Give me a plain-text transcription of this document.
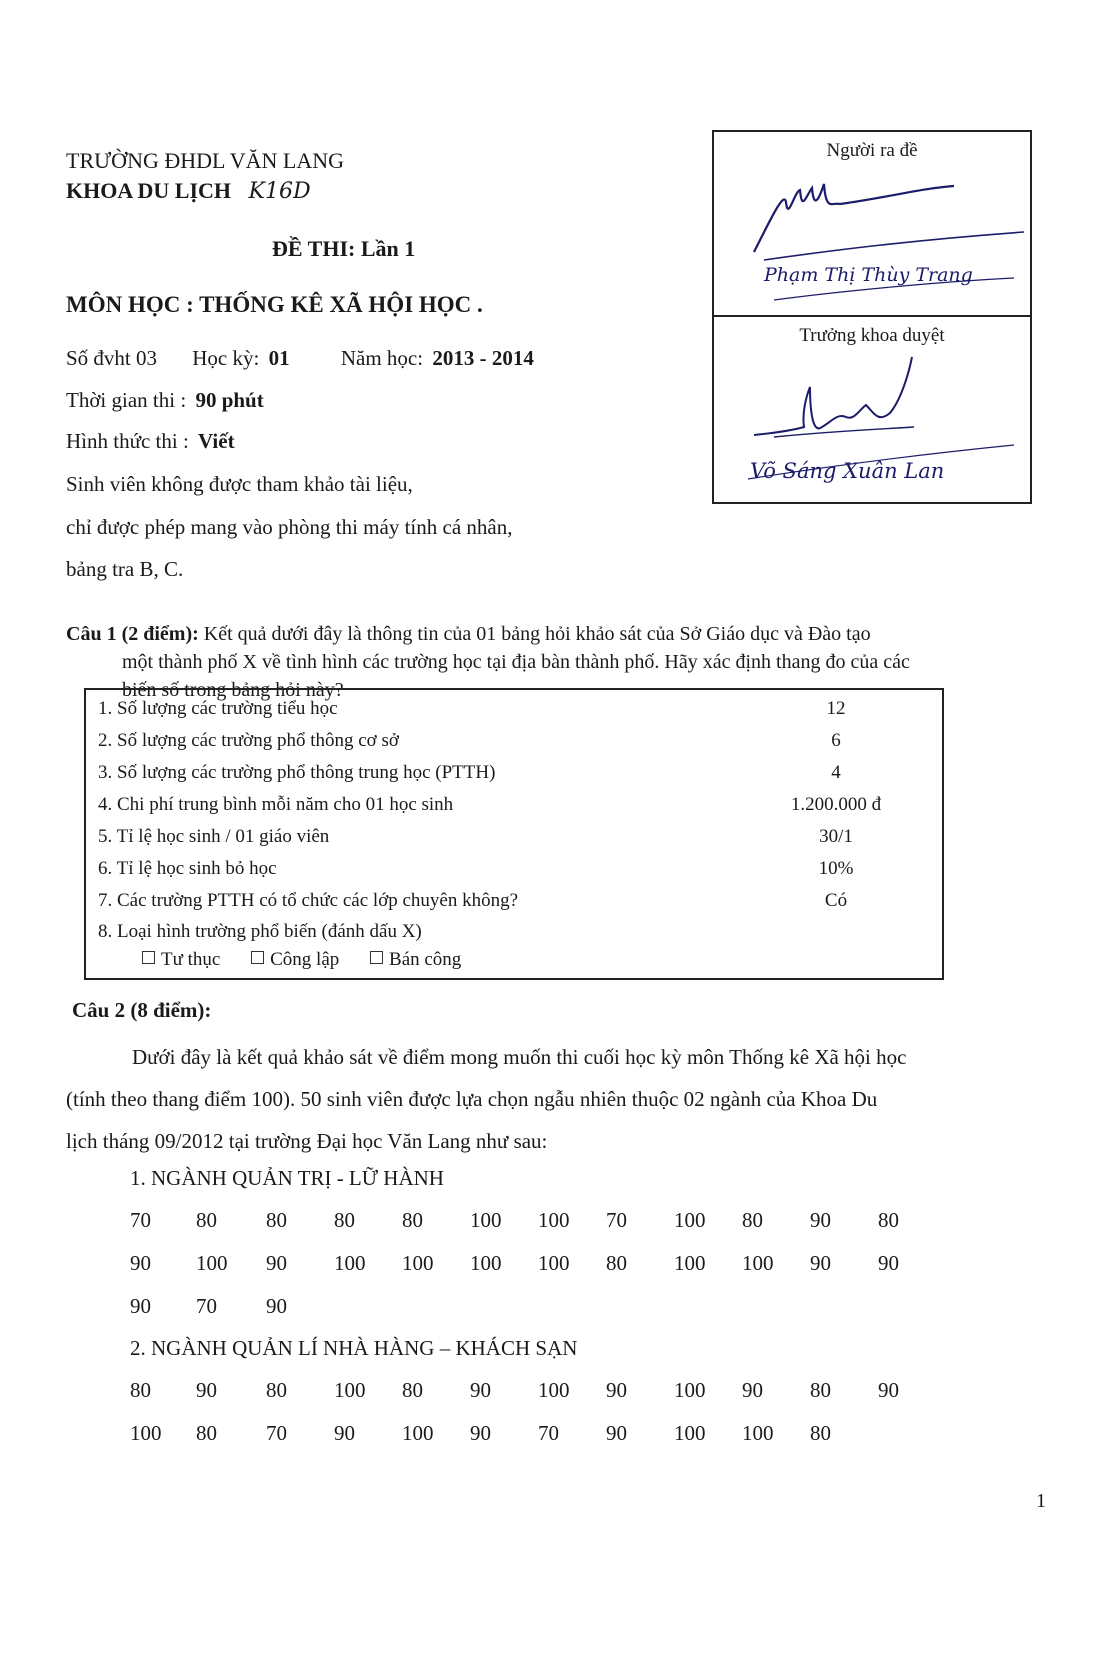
TRƯỜNG ĐHDL VĂN LANG
KHOA DU LỊCH K16D
ĐỀ THI: Lần 1
MÔN HỌC : THỐNG KÊ XÃ HỘI HỌC .
Số đvht 03 Học kỳ: 01 Năm học: 2013 - 2014
Thời gian thi : 90 phút
Hình thức thi : Viết
Sinh viên không được tham khảo tài liệu,
chỉ được phép mang vào phòng thi máy tính cá nhân,
bảng tra B, C.
Người ra đề
Phạm Thị Thùy Trang
Trưởng khoa duyệt
Võ Sáng Xuân Lan
Câu 1 (2 điểm): Kết quả dưới đây là thông tin của 01 bảng hỏi khảo sát của Sở Giáo dục và Đào tạo
một thành phố X về tình hình các trường học tại địa bàn thành phố. Hãy xác định thang đo của các
biến số trong bảng hỏi này?
1. Số lượng các trường tiểu học	12
2. Số lượng các trường phổ thông cơ sở	6
3. Số lượng các trường phổ thông trung học (PTTH)	4
4. Chi phí trung bình mỗi năm cho 01 học sinh	1.200.000 đ
5. Tỉ lệ học sinh / 01 giáo viên	30/1
6. Tỉ lệ học sinh bỏ học	10%
7. Các trường PTTH có tổ chức các lớp chuyên không?	Có
8. Loại hình trường phổ biến (đánh dấu X)
Tư thục	Công lập	Bán công
Câu 2 (8 điểm):
Dưới đây là kết quả khảo sát về điểm mong muốn thi cuối học kỳ môn Thống kê Xã hội học
(tính theo thang điểm 100). 50 sinh viên được lựa chọn ngẫu nhiên thuộc 02 ngành của Khoa Du
lịch tháng 09/2012 tại trường Đại học Văn Lang như sau:
1. NGÀNH QUẢN TRỊ - LỮ HÀNH
70 80 80 80 80 100 100 70 100 80 90 80
90 100 90 100 100 100 100 80 100 100 90 90
90 70 90
2. NGÀNH QUẢN LÍ NHÀ HÀNG – KHÁCH SẠN
80 90 80 100 80 90 100 90 100 90 80 90
100 80 70 90 100 90 70 90 100 100 80
1
